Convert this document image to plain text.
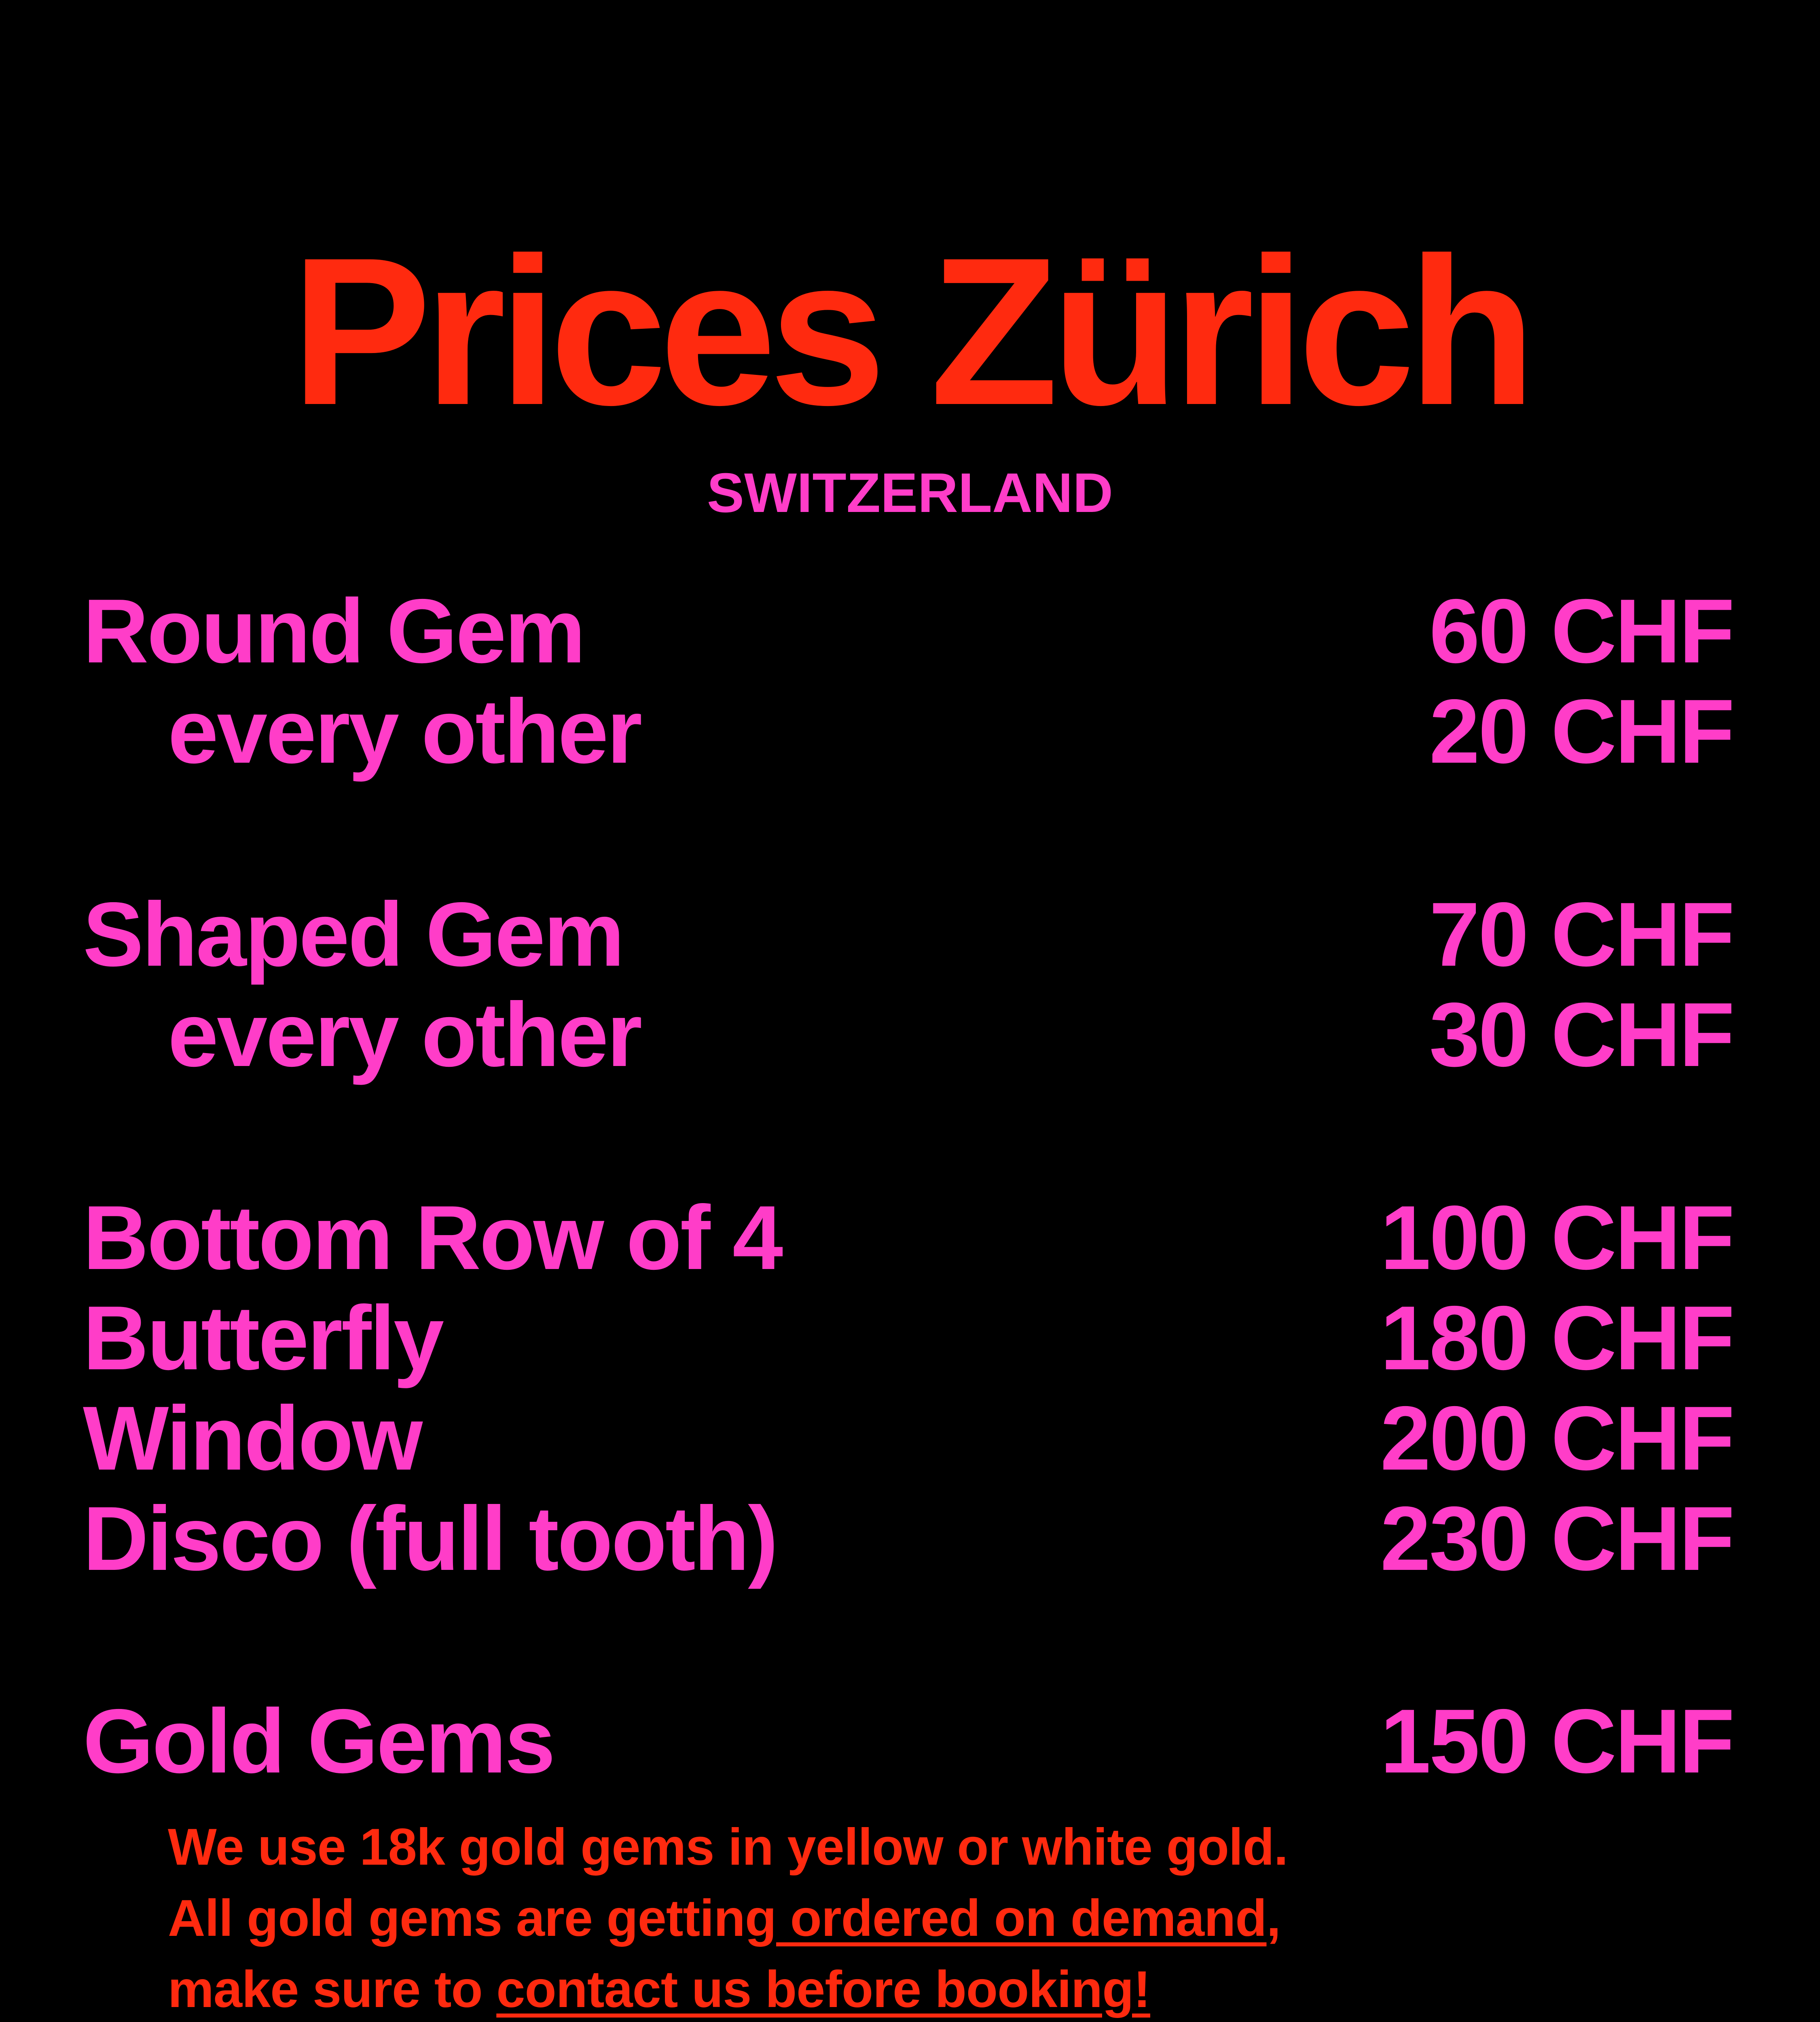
Prices Zürich
SWITZERLAND
Round Gem	60 CHF
every other	20 CHF
Shaped Gem	70 CHF
every other	30 CHF
Bottom Row of 4	100 CHF
Butterfly	180 CHF
Window	200 CHF
Disco (full tooth)	230 CHF
Gold Gems	150 CHF
We use 18k gold gems in yellow or white gold.
All gold gems are getting ordered on demand,
make sure to contact us before booking!
